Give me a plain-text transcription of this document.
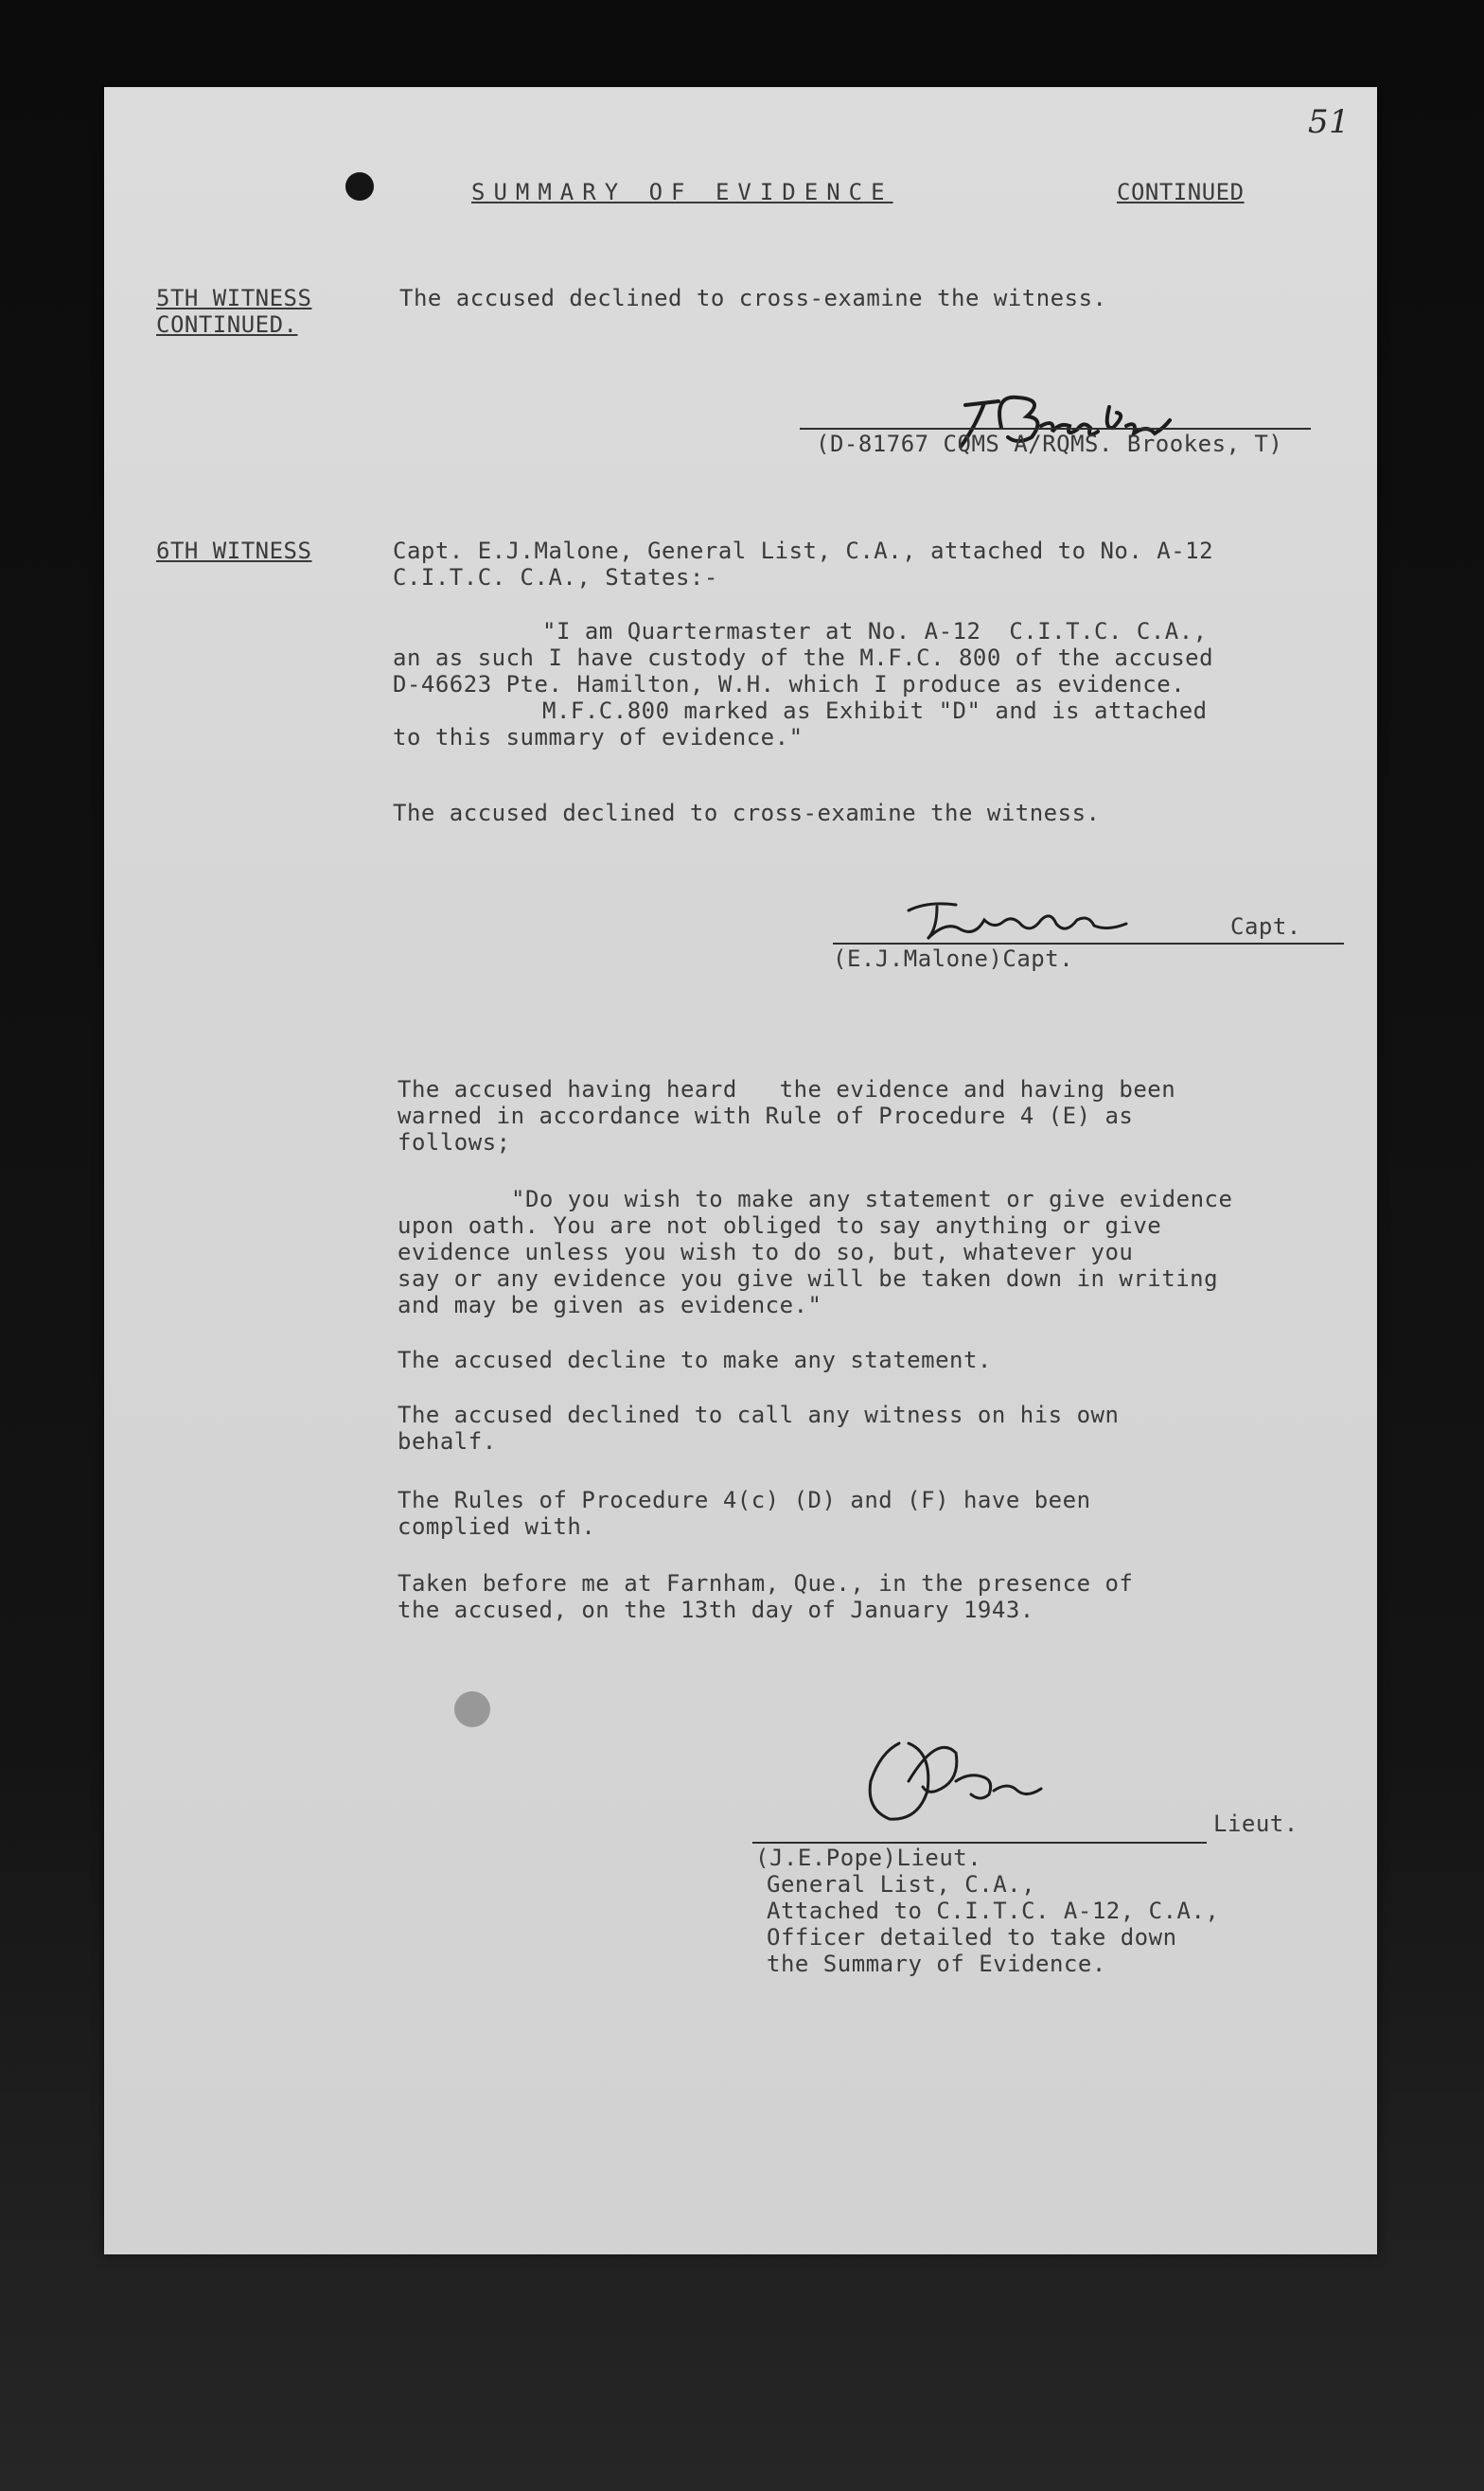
51
SUMMARY OF EVIDENCE	CONTINUED
5TH WITNESS
CONTINUED.
The accused declined to cross-examine the witness.
(D-81767 CQMS A/RQMS. Brookes, T)
6TH WITNESS	Capt. E.J.Malone, General List, C.A., attached to No. A-12
C.I.T.C. C.A., States:-
"I am Quartermaster at No. A-12  C.I.T.C. C.A.,
an as such I have custody of the M.F.C. 800 of the accused
D-46623 Pte. Hamilton, W.H. which I produce as evidence.
M.F.C.800 marked as Exhibit "D" and is attached
to this summary of evidence."
The accused declined to cross-examine the witness.
Capt.
(E.J.Malone)Capt.
The accused having heard   the evidence and having been
warned in accordance with Rule of Procedure 4 (E) as
follows;
"Do you wish to make any statement or give evidence
upon oath. You are not obliged to say anything or give
evidence unless you wish to do so, but, whatever you
say or any evidence you give will be taken down in writing
and may be given as evidence."
The accused decline to make any statement.
The accused declined to call any witness on his own
behalf.
The Rules of Procedure 4(c) (D) and (F) have been
complied with.
Taken before me at Farnham, Que., in the presence of
the accused, on the 13th day of January 1943.
Lieut.
(J.E.Pope)Lieut.
General List, C.A.,
Attached to C.I.T.C. A-12, C.A.,
Officer detailed to take down
the Summary of Evidence.
